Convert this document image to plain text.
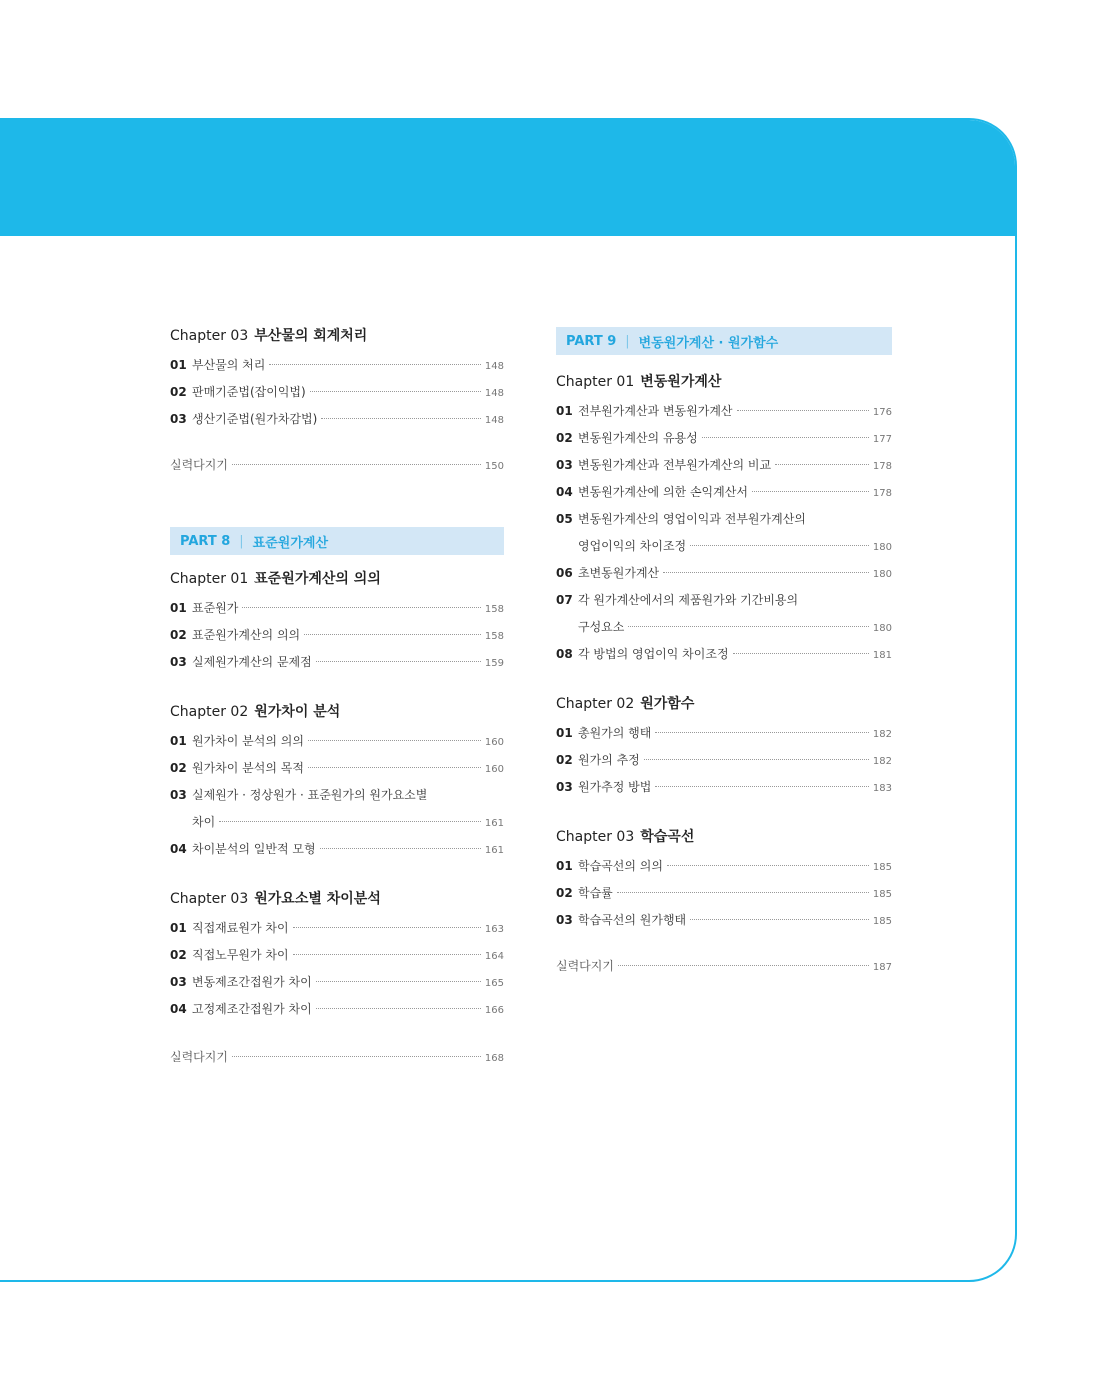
Chapter 03 부산물의 회계처리
01 부산물의 처리	148
02 판매기준법(잡이익법)	148
03 생산기준법(원가차감법)	148
실력다지기	150
PART 8 | 표준원가계산
Chapter 01 표준원가계산의 의의
01 표준원가	158
02 표준원가계산의 의의	158
03 실제원가계산의 문제점	159
Chapter 02 원가차이 분석
01 원가차이 분석의 의의	160
02 원가차이 분석의 목적	160
03 실제원가 · 정상원가 · 표준원가의 원가요소별
차이	161
04 차이분석의 일반적 모형	161
Chapter 03 원가요소별 차이분석
01 직접재료원가 차이	163
02 직접노무원가 차이	164
03 변동제조간접원가 차이	165
04 고정제조간접원가 차이	166
실력다지기	168
PART 9 | 변동원가계산 · 원가함수
Chapter 01 변동원가계산
01 전부원가계산과 변동원가계산	176
02 변동원가계산의 유용성	177
03 변동원가계산과 전부원가계산의 비교	178
04 변동원가계산에 의한 손익계산서	178
05 변동원가계산의 영업이익과 전부원가계산의
영업이익의 차이조정	180
06 초변동원가계산	180
07 각 원가계산에서의 제품원가와 기간비용의
구성요소	180
08 각 방법의 영업이익 차이조정	181
Chapter 02 원가함수
01 총원가의 행태	182
02 원가의 추정	182
03 원가추정 방법	183
Chapter 03 학습곡선
01 학습곡선의 의의	185
02 학습률	185
03 학습곡선의 원가행태	185
실력다지기	187
